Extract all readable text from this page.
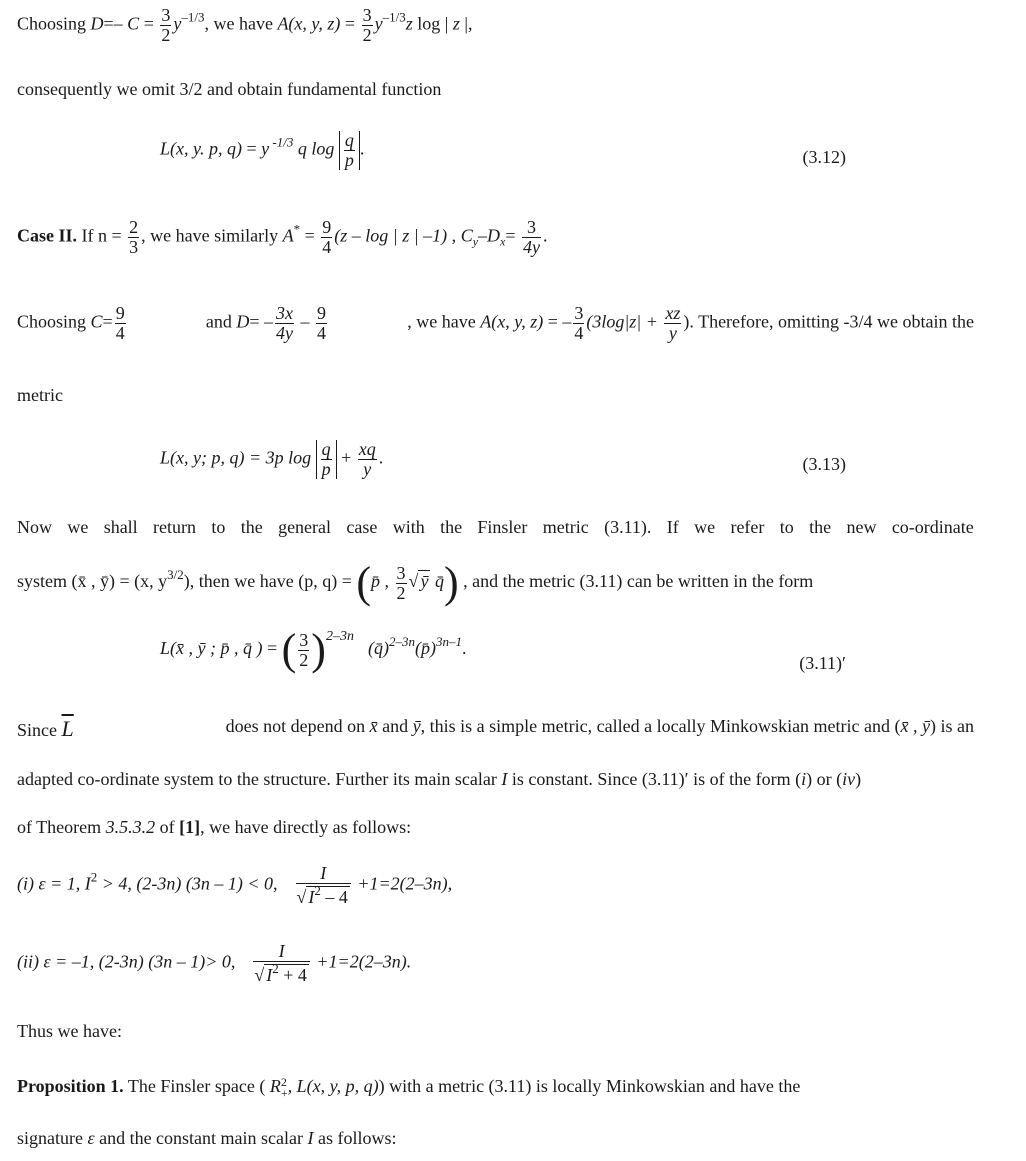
Choosing D=– $C = \frac{3}{2} y^{-1/3}$, we have A(x, y, $z) = \frac{3}{2} y^{-1/3}z$ log | z |,
consequently we omit 3/2 and obtain fundamental function
L(x, y. p, q) = y $^{-1/3}$ q $\log \frac{q}{p}$ .	(3.12)
Case II. If $n = \frac{2}{3}$ , we have similarly $A^* = \frac{9}{4} (z - \log$ | z | –1) , $C_y-D_x= \frac{3}{4y}$ .
Choosing $C= \frac{9}{4}$	and $D= - \frac{3x}{4y} - \frac{9}{4}$	, we have A(x, y, z) = – $\frac{3}{4} (3\log|z| + \frac{xz}{y}$ ). Therefore, omitting -3/4 we obtain the
metric
L(x, y; p, q) = 3p $\log \frac{q}{p} + \frac{xq}{y}$ .	(3.13)
Now we shall return to the general case with the Finsler metric (3.11). If we refer to the new co-ordinate
system (x̄ , ȳ) = (x, $y^{3/2}$), then we have (p, q) = (p̄ , $\frac{3}{2}$ √ ȳ q̄) , and the metric (3.11) can be written in the form
L(x̄ , ȳ ; p̄ , q̄ ) = ( $\frac{3}{2}$ )$^{2-3n}$(q̄)$^{2-3n}$(p̄)$^{3n-1}$.
(3.11)′
Since $\overline{L}$	does not depend on x̄ and ȳ, this is a simple metric, called a locally Minkowskian metric and (x̄ , ȳ) is an
adapted co-ordinate system to the structure. Further its main scalar I is constant. Since (3.11)′ is of the form (i) or (iv)
of Theorem 3.5.3.2 of [1], we have directly as follows:
(i) ε = 1, $I^2 > 4$, (2-3n) (3n – 1) < 0, $\frac{I}{√ I^2 - 4} +1=2(2-3n)$,
(ii) ε = –1, (2-3n) (3n – 1)> 0, $\frac{I}{√ I^2 + 4} +1=2(2-3n)$.
Thus we have:
Proposition 1. The Finsler space ( R 2
+ , L(x, y, p, q)) with a metric (3.11) is locally Minkowskian and have the
signature ε and the constant main scalar I as follows:
